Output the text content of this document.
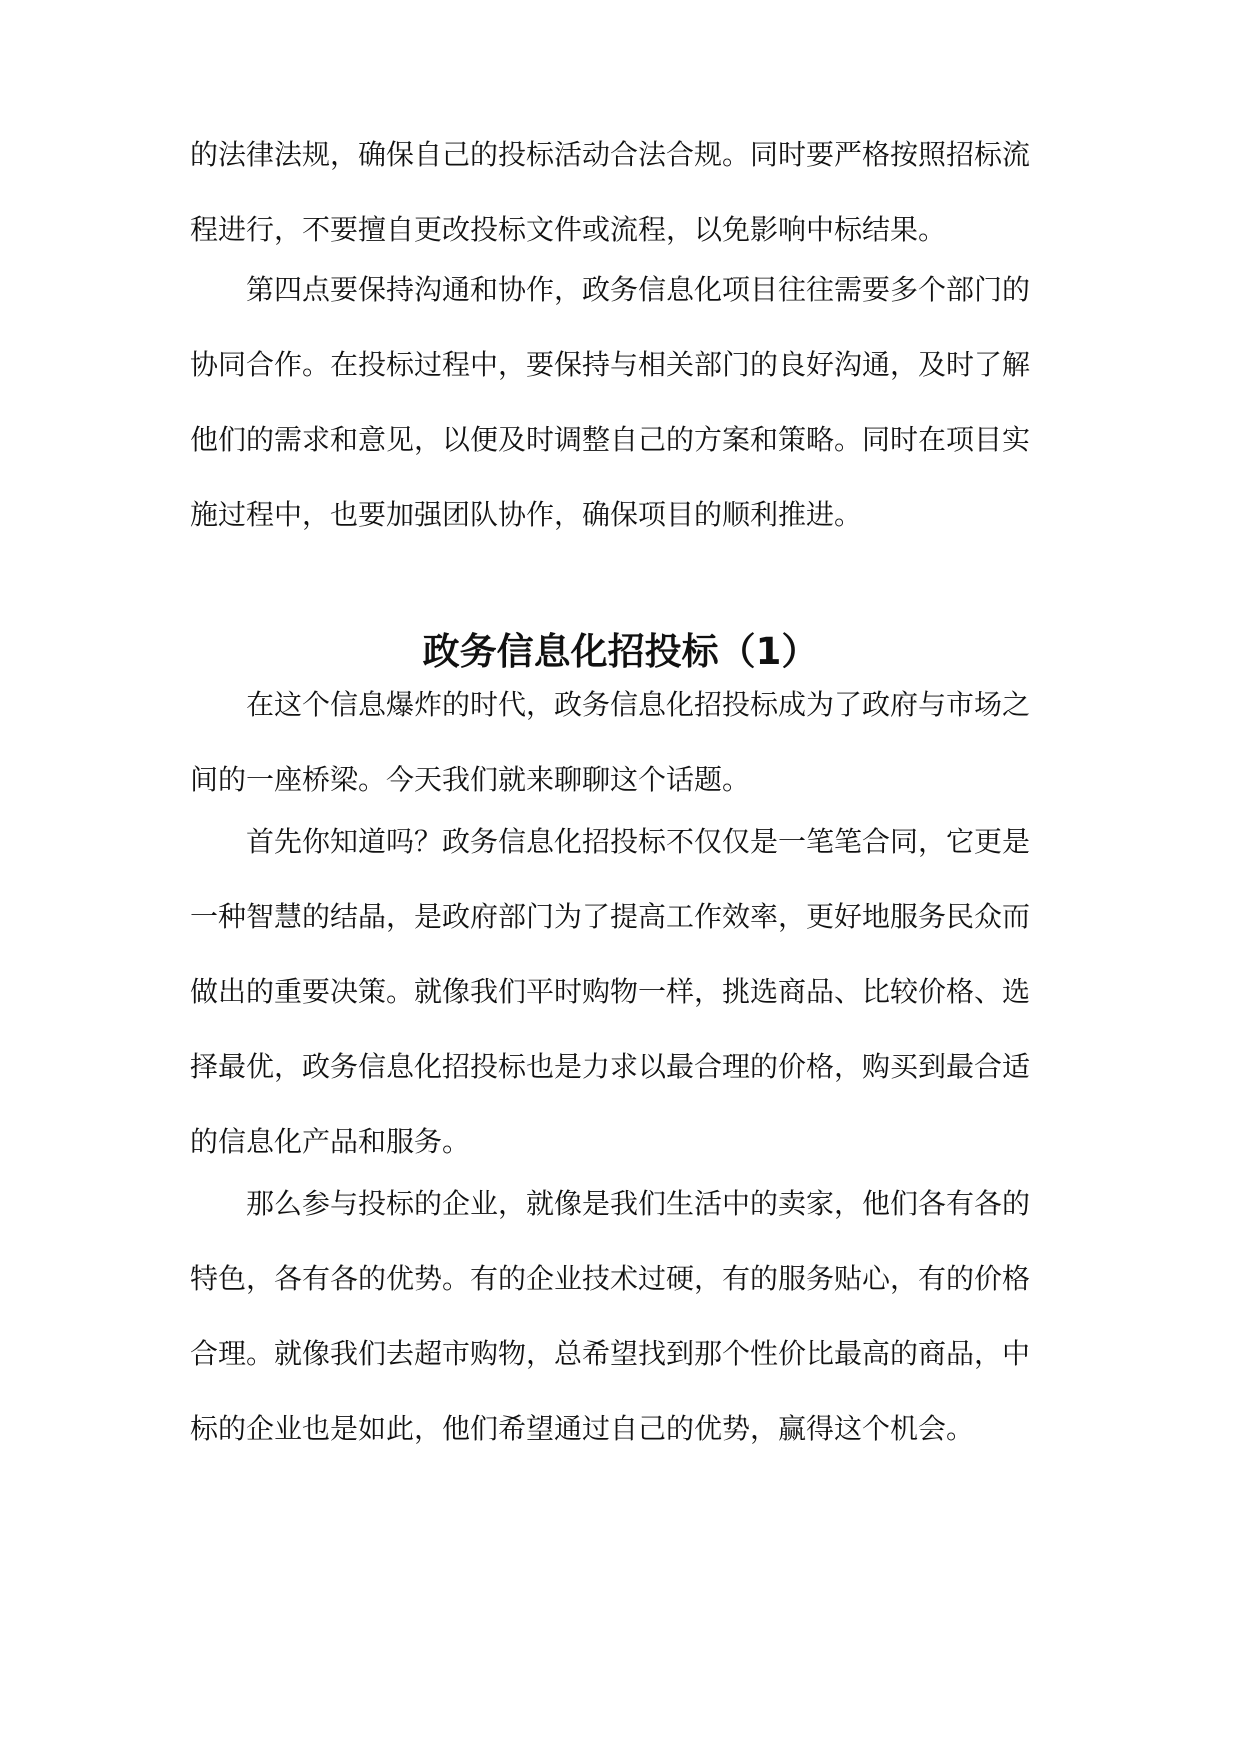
的法律法规，确保自己的投标活动合法合规。同时要严格按照招标流

程进行，不要擅自更改投标文件或流程，以免影响中标结果。

第四点要保持沟通和协作，政务信息化项目往往需要多个部门的

协同合作。在投标过程中，要保持与相关部门的良好沟通，及时了解

他们的需求和意见，以便及时调整自己的方案和策略。同时在项目实

施过程中，也要加强团队协作，确保项目的顺利推进。

政务信息化招投标（1）

在这个信息爆炸的时代，政务信息化招投标成为了政府与市场之

间的一座桥梁。今天我们就来聊聊这个话题。

首先你知道吗？政务信息化招投标不仅仅是一笔笔合同，它更是

一种智慧的结晶，是政府部门为了提高工作效率，更好地服务民众而

做出的重要决策。就像我们平时购物一样，挑选商品、比较价格、选

择最优，政务信息化招投标也是力求以最合理的价格，购买到最合适

的信息化产品和服务。

那么参与投标的企业，就像是我们生活中的卖家，他们各有各的

特色，各有各的优势。有的企业技术过硬，有的服务贴心，有的价格

合理。就像我们去超市购物，总希望找到那个性价比最高的商品，中

标的企业也是如此，他们希望通过自己的优势，赢得这个机会。
